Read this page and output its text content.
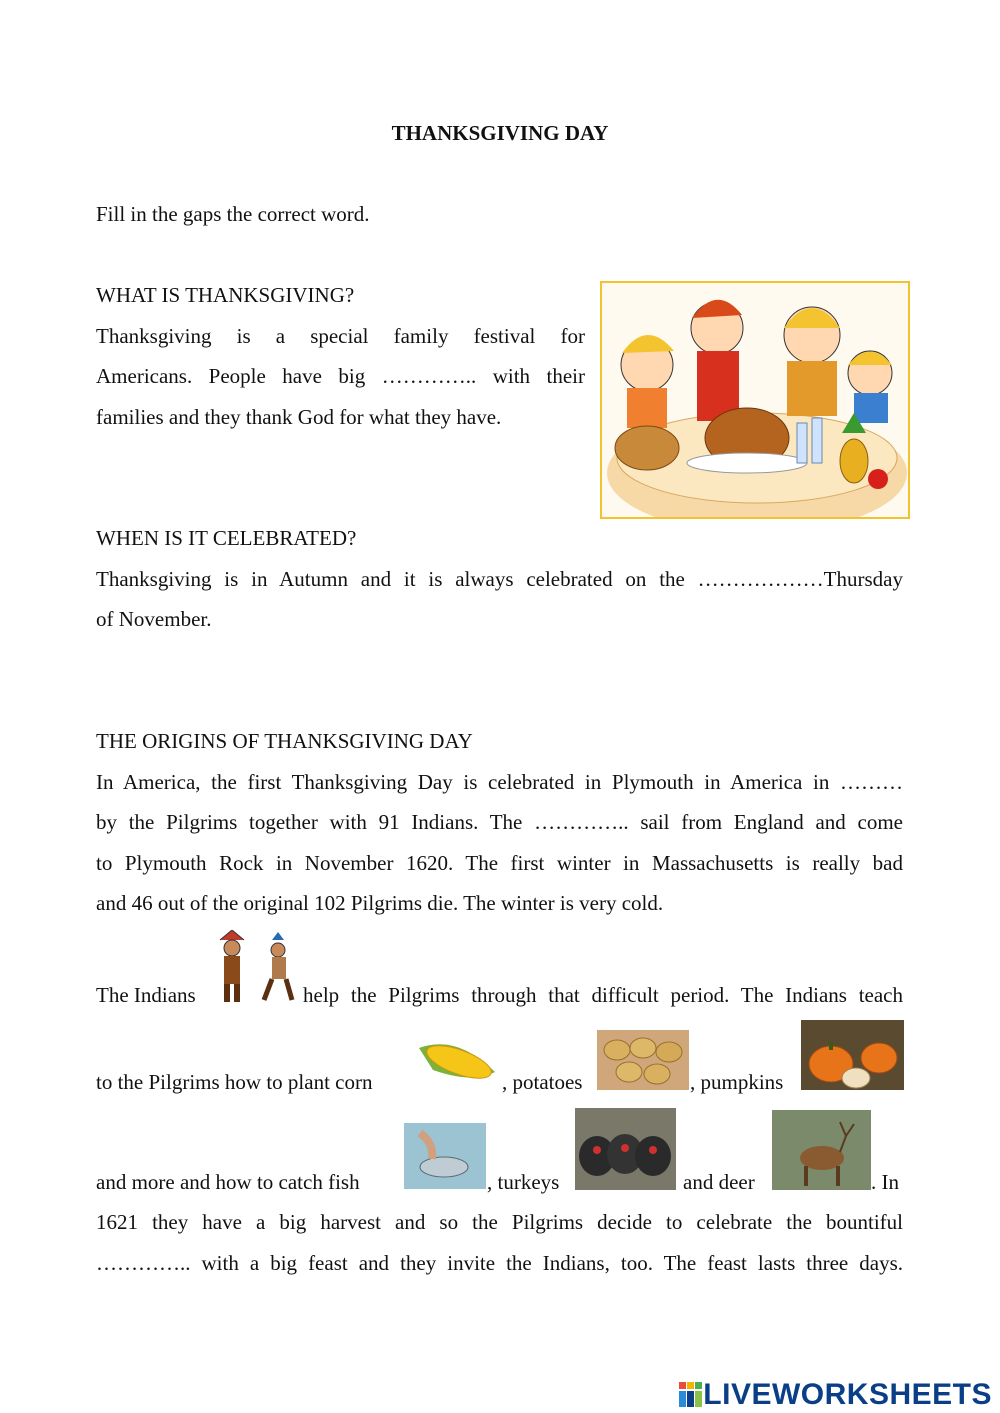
THANKSGIVING DAY
Fill in the gaps the correct word.
WHAT IS THANKSGIVING?
Thanksgiving is a special family festival for
Americans. People have big ………….. with their
families and they thank God for what they have.
WHEN IS IT CELEBRATED?
Thanksgiving is in Autumn and it is always celebrated on the ………………Thursday
of November.
THE ORIGINS OF THANKSGIVING DAY
In America, the first Thanksgiving Day is celebrated in Plymouth in America in ………
by the Pilgrims together with 91 Indians. The ………….. sail from England and come
to Plymouth Rock in November 1620. The first winter in Massachusetts is really bad
and 46 out of the original 102 Pilgrims die. The winter is very cold.
The Indians	help the Pilgrims through that difficult period. The Indians teach
to the Pilgrims how to plant corn	, potatoes	, pumpkins
and more and how to catch fish	, turkeys	and deer	. In
1621 they have a big harvest and so the Pilgrims decide to celebrate the bountiful
………….. with a big feast and they invite the Indians, too. The feast lasts three days.
LIVEWORKSHEETS
